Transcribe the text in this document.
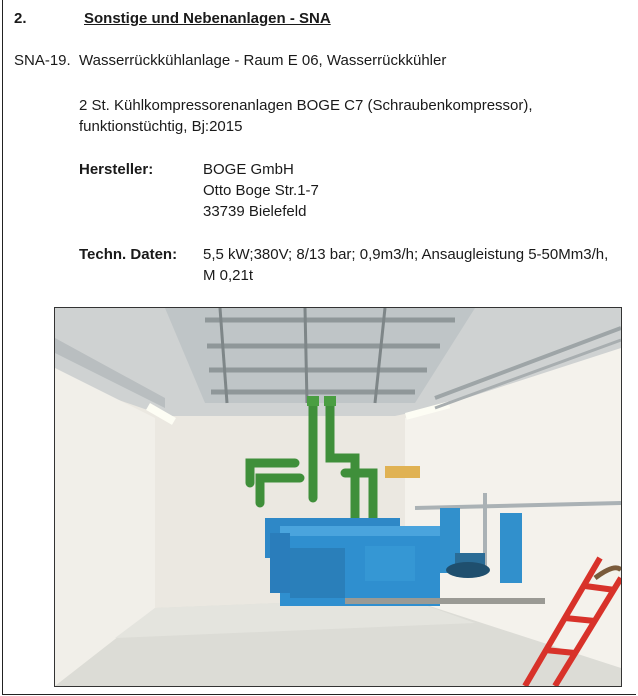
2.	Sonstige und Nebenanlagen - SNA
SNA-19. Wasserrückkühlanlage - Raum E 06, Wasserrückkühler
2 St. Kühlkompressorenanlagen BOGE C7 (Schraubenkompressor),
funktionstüchtig, Bj:2015
Hersteller:	BOGE GmbH
Otto Boge Str.1-7
33739 Bielefeld
Techn. Daten: 5,5 kW;380V; 8/13 bar; 0,9m3/h; Ansaugleistung 5-50Mm3/h,
M 0,21t
